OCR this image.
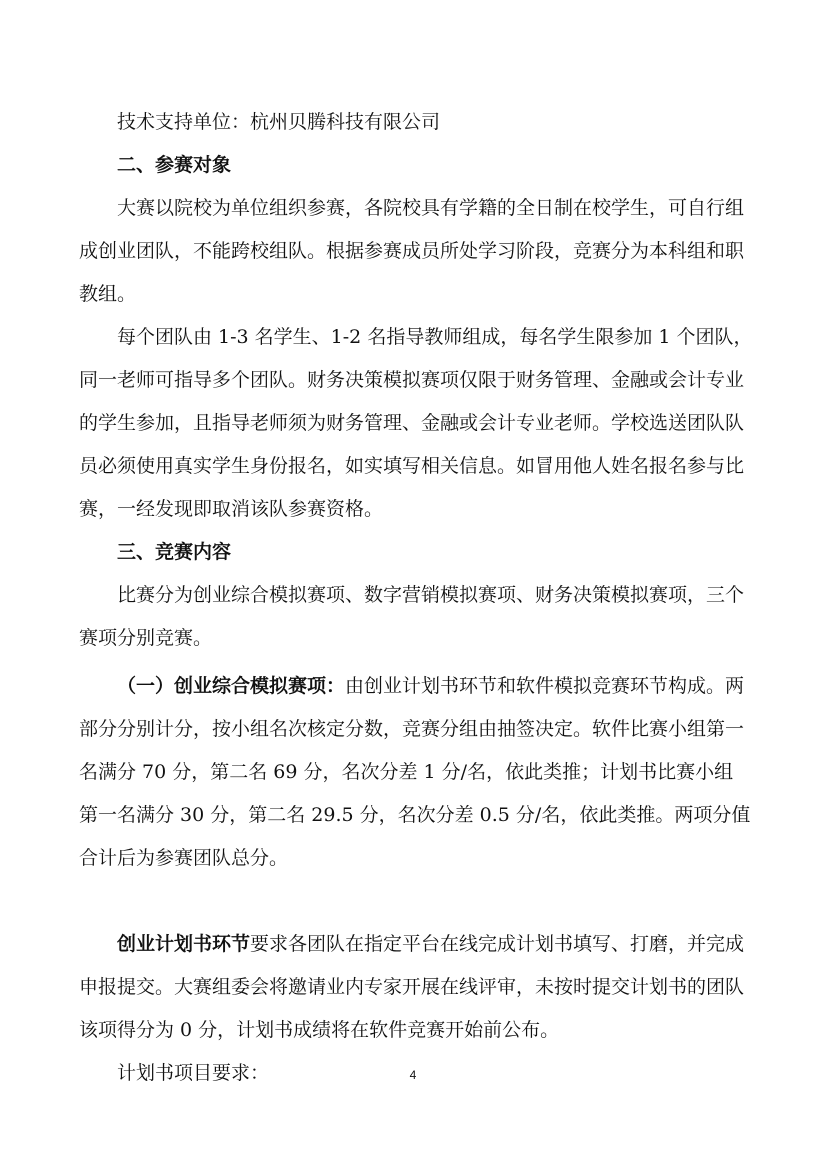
技术支持单位：杭州贝腾科技有限公司
二、参赛对象
大赛以院校为单位组织参赛，各院校具有学籍的全日制在校学生，可自行组
成创业团队，不能跨校组队。根据参赛成员所处学习阶段，竞赛分为本科组和职
教组。
每个团队由 1-3 名学生、1-2 名指导教师组成，每名学生限参加 1 个团队，
同一老师可指导多个团队。财务决策模拟赛项仅限于财务管理、金融或会计专业
的学生参加，且指导老师须为财务管理、金融或会计专业老师。学校选送团队队
员必须使用真实学生身份报名，如实填写相关信息。如冒用他人姓名报名参与比
赛，一经发现即取消该队参赛资格。
三、竞赛内容
比赛分为创业综合模拟赛项、数字营销模拟赛项、财务决策模拟赛项，三个
赛项分别竞赛。
（一）创业综合模拟赛项：由创业计划书环节和软件模拟竞赛环节构成。两
部分分别计分，按小组名次核定分数，竞赛分组由抽签决定。软件比赛小组第一
名满分 70 分，第二名 69 分，名次分差 1 分/名，依此类推；计划书比赛小组
第一名满分 30 分，第二名 29.5 分，名次分差 0.5 分/名，依此类推。两项分值
合计后为参赛团队总分。
创业计划书环节要求各团队在指定平台在线完成计划书填写、打磨，并完成
申报提交。大赛组委会将邀请业内专家开展在线评审，未按时提交计划书的团队
该项得分为 0 分，计划书成绩将在软件竞赛开始前公布。
计划书项目要求：	4
